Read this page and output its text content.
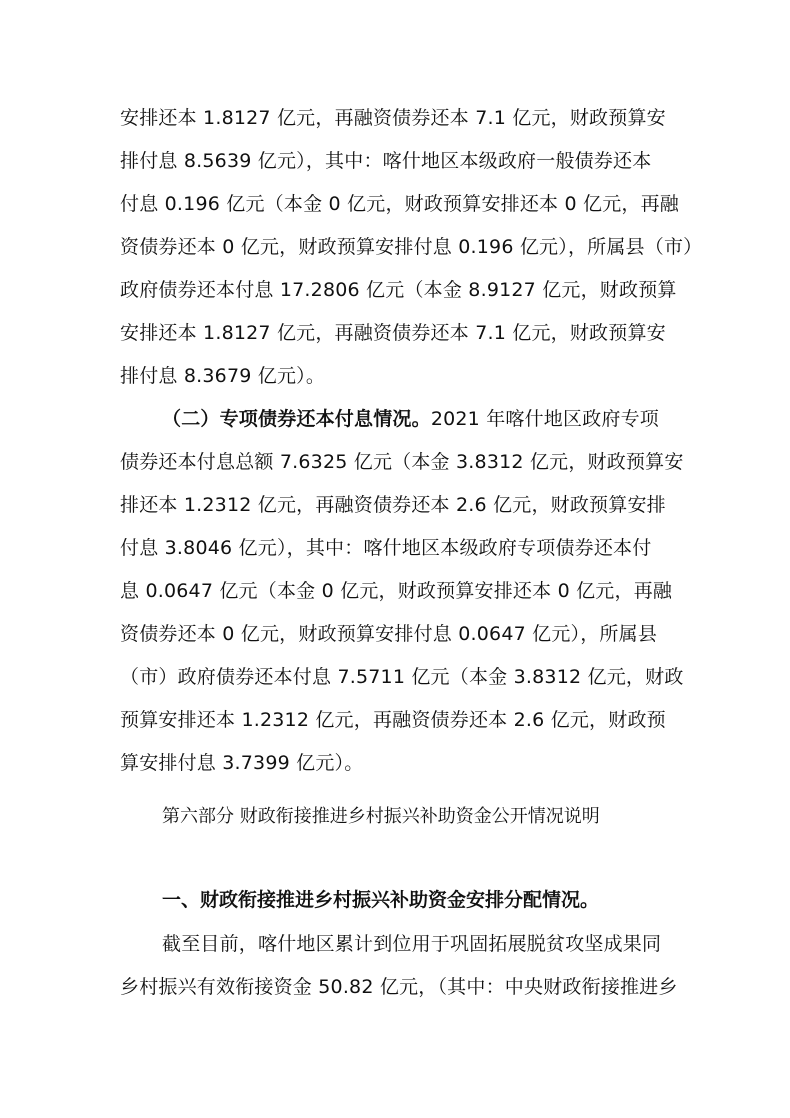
安排还本 1.8127 亿元，再融资债券还本 7.1 亿元，财政预算安
排付息 8.5639 亿元），其中：喀什地区本级政府一般债券还本
付息 0.196 亿元（本金 0 亿元，财政预算安排还本 0 亿元，再融
资债券还本 0 亿元，财政预算安排付息 0.196 亿元），所属县（市）
政府债券还本付息 17.2806 亿元（本金 8.9127 亿元，财政预算
安排还本 1.8127 亿元，再融资债券还本 7.1 亿元，财政预算安
排付息 8.3679 亿元）。
（二）专项债券还本付息情况。2021 年喀什地区政府专项
债券还本付息总额 7.6325 亿元（本金 3.8312 亿元，财政预算安
排还本 1.2312 亿元，再融资债券还本 2.6 亿元，财政预算安排
付息 3.8046 亿元），其中：喀什地区本级政府专项债券还本付
息 0.0647 亿元（本金 0 亿元，财政预算安排还本 0 亿元，再融
资债券还本 0 亿元，财政预算安排付息 0.0647 亿元），所属县
（市）政府债券还本付息 7.5711 亿元（本金 3.8312 亿元，财政
预算安排还本 1.2312 亿元，再融资债券还本 2.6 亿元，财政预
算安排付息 3.7399 亿元）。
第六部分 财政衔接推进乡村振兴补助资金公开情况说明
一、财政衔接推进乡村振兴补助资金安排分配情况。
截至目前，喀什地区累计到位用于巩固拓展脱贫攻坚成果同
乡村振兴有效衔接资金 50.82 亿元，（其中：中央财政衔接推进乡
